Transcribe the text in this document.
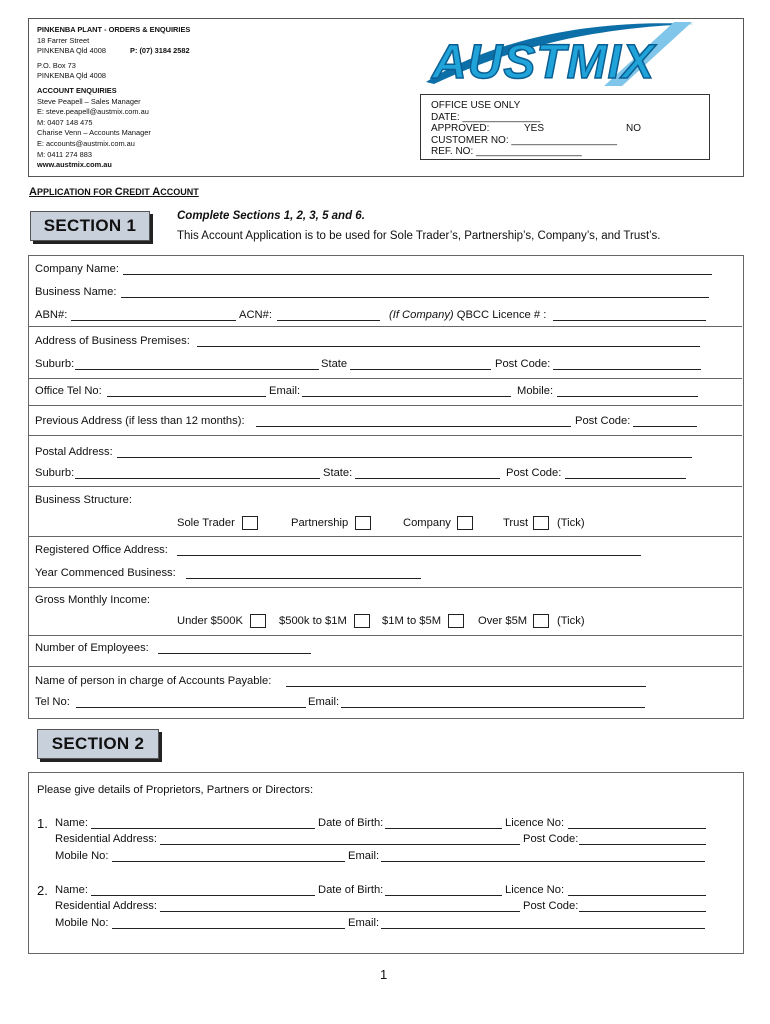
PINKENBA PLANT - ORDERS & ENQUIRIES
18 Farrer Street
PINKENBA Qld 4008	P: (07) 3184 2582
P.O. Box 73
PINKENBA Qld 4008
ACCOUNT ENQUIRIES
Steve Peapell – Sales Manager
E: steve.peapell@austmix.com.au
M: 0407 148 475
Charise Venn – Accounts Manager
E: accounts@austmix.com.au
M: 0411 274 883
www.austmix.com.au
AUSTMIX
OFFICE USE ONLY
DATE: ______________
APPROVED:	YES	NO
CUSTOMER NO: ___________________
REF. NO: ___________________
APPLICATION FOR CREDIT ACCOUNT
SECTION 1	Complete Sections 1, 2, 3, 5 and 6.
This Account Application is to be used for Sole Trader’s, Partnership’s, Company’s, and Trust’s.
Company Name:
Business Name:
ABN#:	ACN#:	(If Company) QBCC Licence # :
Address of Business Premises:
Suburb:	State	Post Code:
Office Tel No:	Email:	Mobile:
Previous Address (if less than 12 months):	Post Code:
Postal Address:
Suburb:	State:	Post Code:
Business Structure:
Sole Trader	Partnership	Company	Trust	(Tick)
Registered Office Address:
Year Commenced Business:
Gross Monthly Income:
Under $500K	$500k to $1M	$1M to $5M	Over $5M	(Tick)
Number of Employees:
Name of person in charge of Accounts Payable:
Tel No:	Email:
SECTION 2
Please give details of Proprietors, Partners or Directors:
1. Name:	Date of Birth:	Licence No:
Residential Address:	Post Code:
Mobile No:	Email:
2. Name:	Date of Birth:	Licence No:
Residential Address:	Post Code:
Mobile No:	Email:
1
